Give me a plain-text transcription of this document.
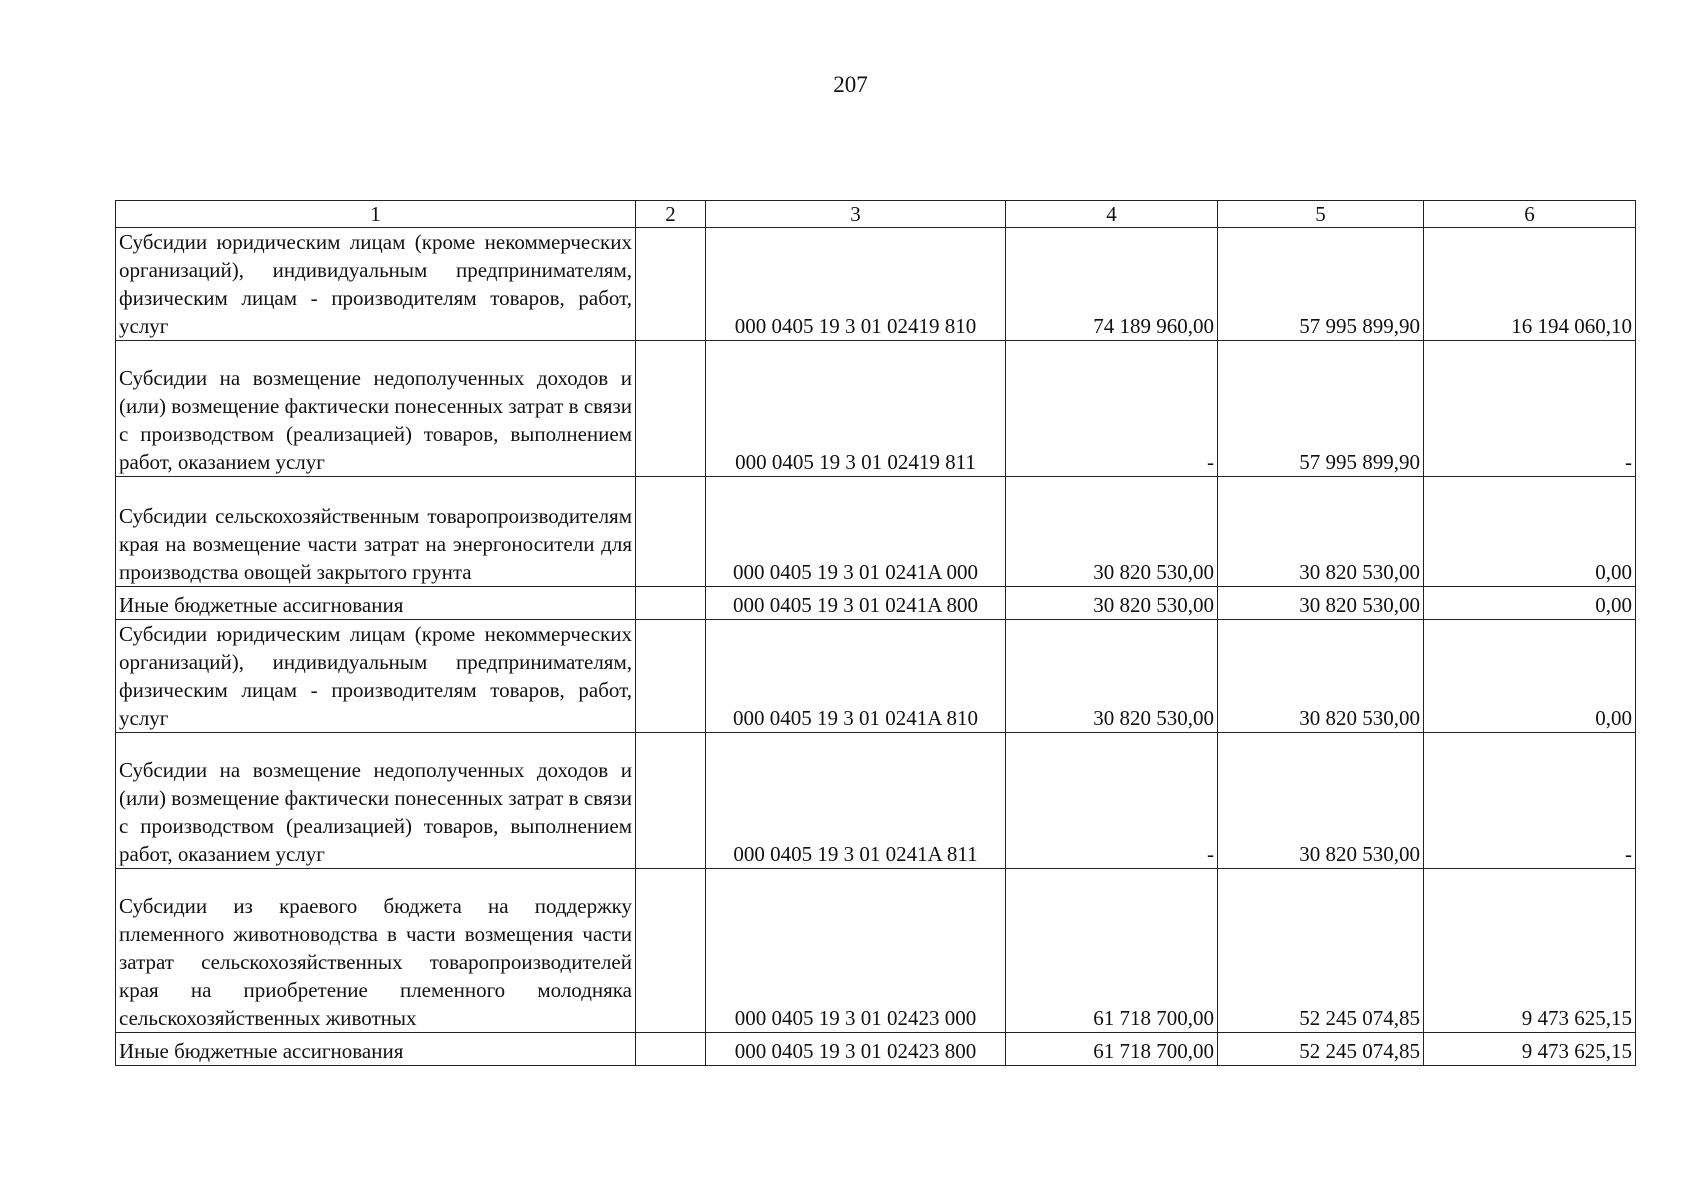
207
1	2	3	4	5	6
Субсидии юридическим лицам (кроме некоммерческих организаций), индивидуальным предпринимателям, физическим лицам - производителям товаров, работ, услуг		000 0405 19 3 01 02419 810	74 189 960,00	57 995 899,90	16 194 060,10
Субсидии на возмещение недополученных доходов и (или) возмещение фактически понесенных затрат в связи с производством (реализацией) товаров, выполнением работ, оказанием услуг		000 0405 19 3 01 02419 811	-	57 995 899,90	-
Субсидии сельскохозяйственным товаропроизводителям края на возмещение части затрат на энергоносители для производства овощей закрытого грунта		000 0405 19 3 01 0241A 000	30 820 530,00	30 820 530,00	0,00
Иные бюджетные ассигнования		000 0405 19 3 01 0241A 800	30 820 530,00	30 820 530,00	0,00
Субсидии юридическим лицам (кроме некоммерческих организаций), индивидуальным предпринимателям, физическим лицам - производителям товаров, работ, услуг		000 0405 19 3 01 0241A 810	30 820 530,00	30 820 530,00	0,00
Субсидии на возмещение недополученных доходов и (или) возмещение фактически понесенных затрат в связи с производством (реализацией) товаров, выполнением работ, оказанием услуг		000 0405 19 3 01 0241A 811	-	30 820 530,00	-
Субсидии из краевого бюджета на поддержку племенного животноводства в части возмещения части затрат сельскохозяйственных товаропроизводителей края на приобретение племенного молодняка сельскохозяйственных животных		000 0405 19 3 01 02423 000	61 718 700,00	52 245 074,85	9 473 625,15
Иные бюджетные ассигнования		000 0405 19 3 01 02423 800	61 718 700,00	52 245 074,85	9 473 625,15
